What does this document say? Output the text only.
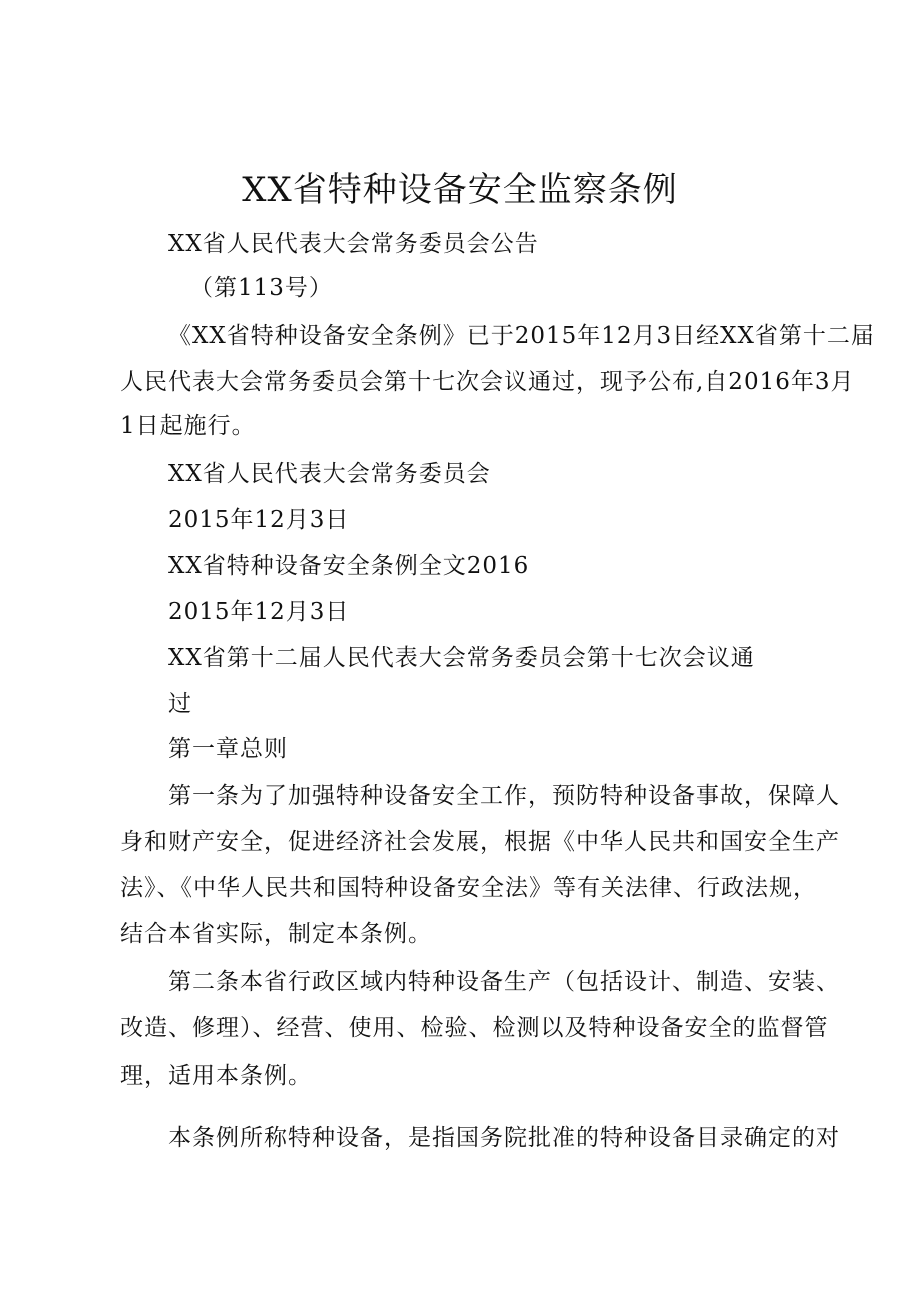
XX省特种设备安全监察条例
XX省人民代表大会常务委员会公告
（第113号）
《XX省特种设备安全条例》已于2015年12月3日经XX省第十二届
人民代表大会常务委员会第十七次会议通过，现予公布,自2016年3月
1日起施行。
XX省人民代表大会常务委员会
2015年12月3日
XX省特种设备安全条例全文2016
2015年12月3日
XX省第十二届人民代表大会常务委员会第十七次会议通
过
第一章总则
第一条为了加强特种设备安全工作，预防特种设备事故，保障人
身和财产安全，促进经济社会发展，根据《中华人民共和国安全生产
法》、《中华人民共和国特种设备安全法》等有关法律、行政法规，
结合本省实际，制定本条例。
第二条本省行政区域内特种设备生产（包括设计、制造、安装、
改造、修理）、经营、使用、检验、检测以及特种设备安全的监督管
理，适用本条例。
本条例所称特种设备，是指国务院批准的特种设备目录确定的对
